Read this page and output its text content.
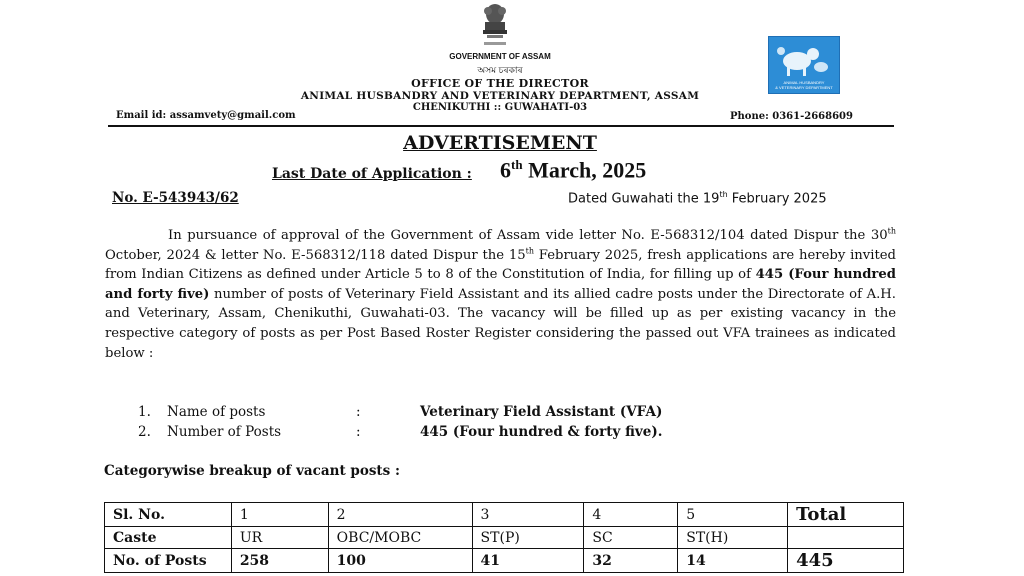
GOVERNMENT OF ASSAM
অসম চৰকাৰ
OFFICE OF THE DIRECTOR
ANIMAL HUSBANDRY AND VETERINARY DEPARTMENT, ASSAM
CHENIKUTHI :: GUWAHATI-03
Email id: assamvety@gmail.com	Phone: 0361-2668609
ANIMAL HUSBANDRY
& VETERINARY DEPARTMENT
ADVERTISEMENT
Last Date of Application : 6th March, 2025
No. E-543943/62	Dated Guwahati the 19th February 2025

In pursuance of approval of the Government of Assam vide letter No. E-568312/104 dated Dispur the 30th October, 2024 & letter No. E-568312/118 dated Dispur the 15th February 2025, fresh applications are hereby invited from Indian Citizens as defined under Article 5 to 8 of the Constitution of India, for filling up of 445 (Four hundred and forty five) number of posts of Veterinary Field Assistant and its allied cadre posts under the Directorate of A.H. and Veterinary, Assam, Chenikuthi, Guwahati-03. The vacancy will be filled up as per existing vacancy in the respective category of posts as per Post Based Roster Register considering the passed out VFA trainees as indicated below :

1. Name of posts	:	Veterinary Field Assistant (VFA)
2. Number of Posts	:	445 (Four hundred & forty five).
Categorywise breakup of vacant posts :
Sl. No.	1	2	3	4	5	Total
Caste	UR	OBC/MOBC	ST(P)	SC	ST(H)	
No. of Posts	258	100	41	32	14	445
